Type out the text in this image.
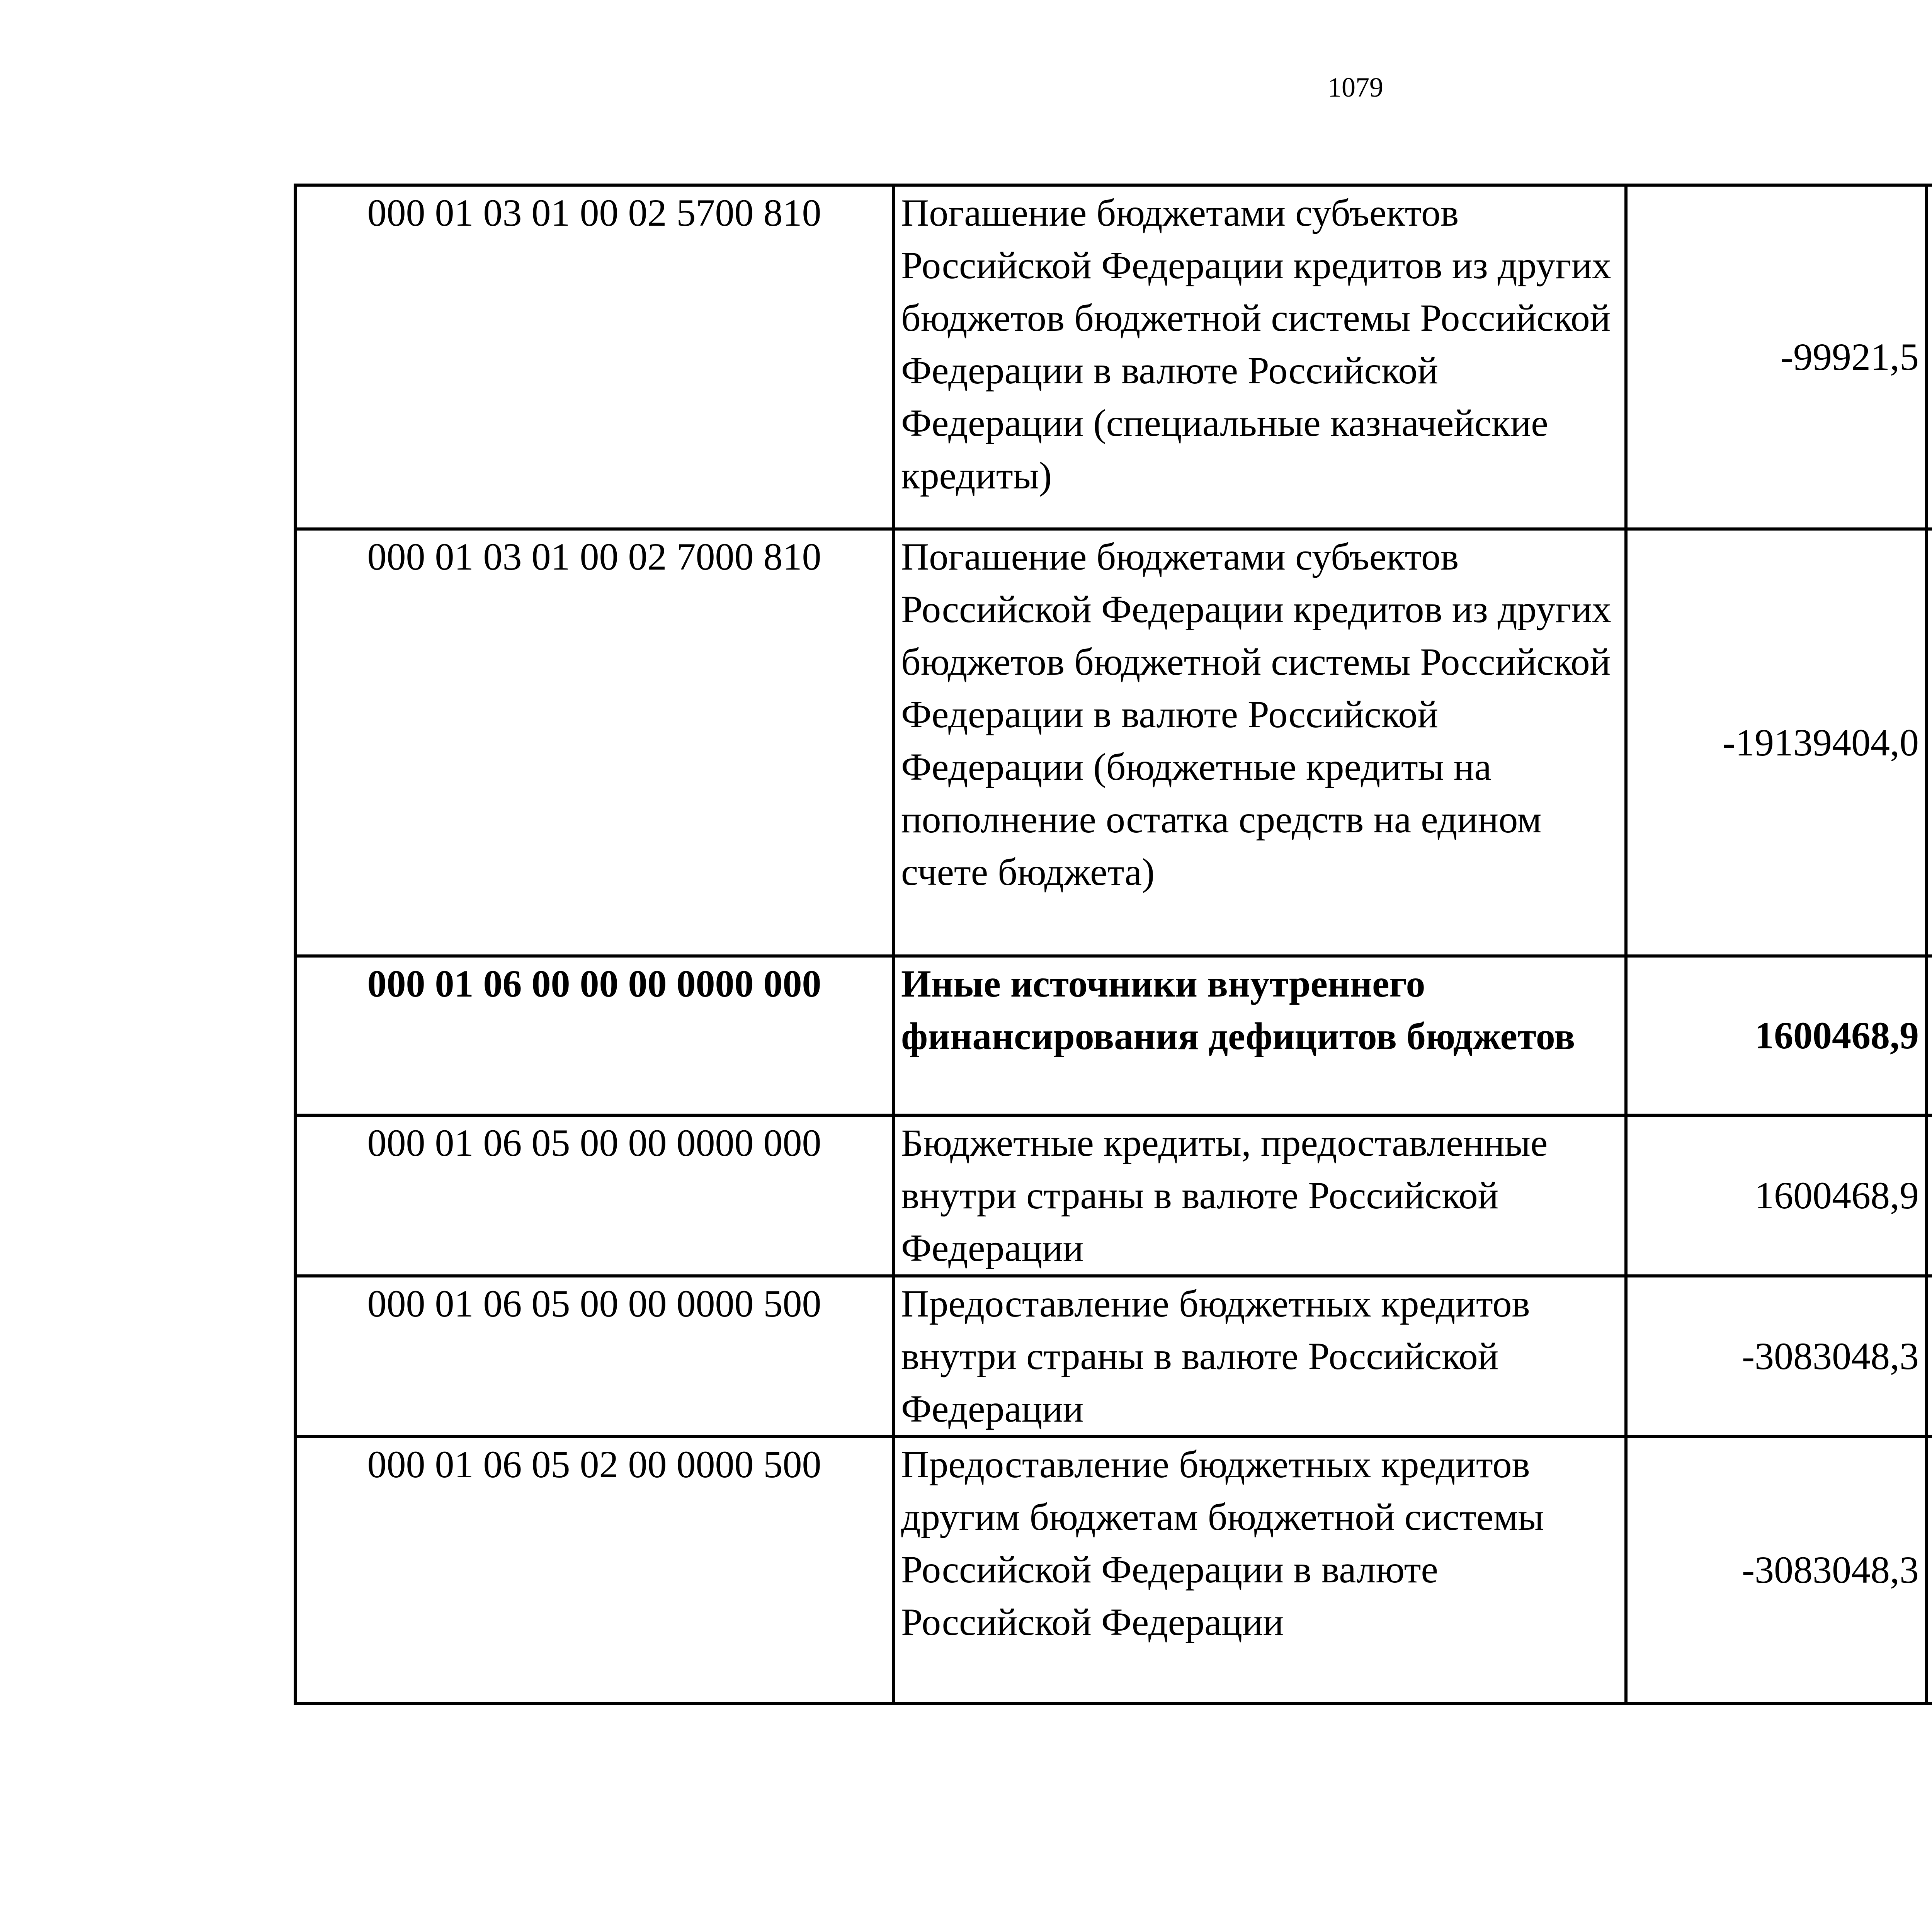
1079
000 01 03 01 00 02 5700 810	Погашение бюджетами субъектов Российской Федерации кредитов из других бюджетов бюджетной системы Российской Федерации в валюте Российской Федерации (специальные казначейские кредиты)	-99921,5		
000 01 03 01 00 02 7000 810	Погашение бюджетами субъектов Российской Федерации кредитов из других бюджетов бюджетной системы Российской Федерации в валюте Российской Федерации (бюджетные кредиты на пополнение остатка средств на едином счете бюджета)	-19139404,0		
000 01 06 00 00 00 0000 000	Иные источники внутреннего финансирования дефицитов бюджетов	1600468,9		
000 01 06 05 00 00 0000 000	Бюджетные кредиты, предоставленные внутри страны в валюте Российской Федерации	1600468,9		
000 01 06 05 00 00 0000 500	Предоставление бюджетных кредитов внутри страны в валюте Российской Федерации	-3083048,3		
000 01 06 05 02 00 0000 500	Предоставление бюджетных кредитов другим бюджетам бюджетной системы Российской Федерации в валюте Российской Федерации	-3083048,3		
